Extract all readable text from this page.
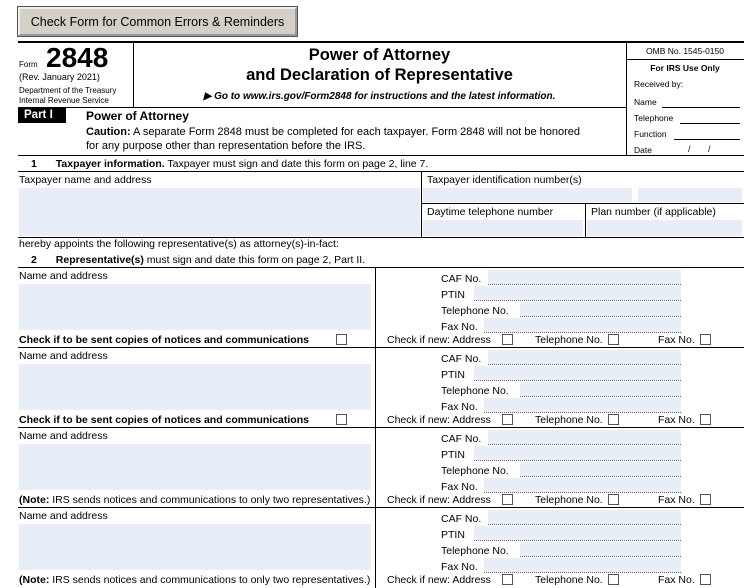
Check Form for Common Errors & Reminders
Form 2848
(Rev. January 2021)
Department of the Treasury
Internal Revenue Service
Power of Attorney
and Declaration of Representative
▶ Go to www.irs.gov/Form2848 for instructions and the latest information.
OMB No. 1545-0150
For IRS Use Only
Received by:
Name
Telephone
Function
Date	/       /
Part I	Power of Attorney
Caution: A separate Form 2848 must be completed for each taxpayer. Form 2848 will not be honored
for any purpose other than representation before the IRS.
1 Taxpayer information. Taxpayer must sign and date this form on page 2, line 7.
Taxpayer name and address	Taxpayer identification number(s)
Daytime telephone number	Plan number (if applicable)
hereby appoints the following representative(s) as attorney(s)-in-fact:
2 Representative(s) must sign and date this form on page 2, Part II.
Name and address	CAF No.
PTIN
Telephone No.
Fax No.
Check if to be sent copies of notices and communications	Check if new: Address	Telephone No.	Fax No.
Name and address	CAF No.
PTIN
Telephone No.
Fax No.
Check if to be sent copies of notices and communications	Check if new: Address	Telephone No.	Fax No.
Name and address	CAF No.
PTIN
Telephone No.
Fax No.
(Note: IRS sends notices and communications to only two representatives.) Check if new: Address	Telephone No.	Fax No.
Name and address	CAF No.
PTIN
Telephone No.
Fax No.
(Note: IRS sends notices and communications to only two representatives.) Check if new: Address	Telephone No.	Fax No.
